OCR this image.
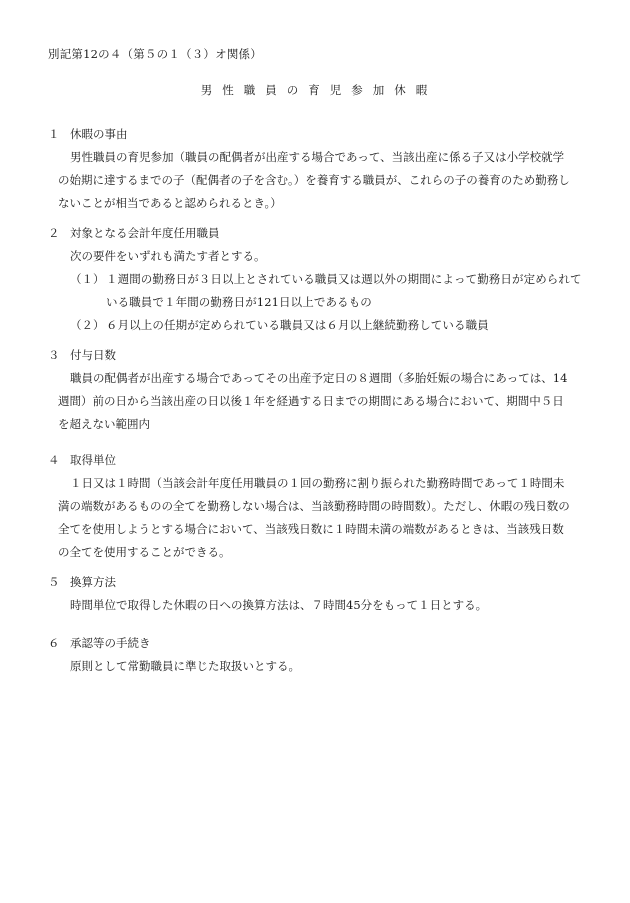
別記第12の４（第５の１（３）オ関係）
男性職員の育児参加休暇
１ 休暇の事由
男性職員の育児参加（職員の配偶者が出産する場合であって、当該出産に係る子又は小学校就学
の始期に達するまでの子（配偶者の子を含む。）を養育する職員が、これらの子の養育のため勤務し
ないことが相当であると認められるとき。）
２ 対象となる会計年度任用職員
次の要件をいずれも満たす者とする。
（１） １週間の勤務日が３日以上とされている職員又は週以外の期間によって勤務日が定められて
いる職員で１年間の勤務日が121日以上であるもの
（２） ６月以上の任期が定められている職員又は６月以上継続勤務している職員
３ 付与日数
職員の配偶者が出産する場合であってその出産予定日の８週間（多胎妊娠の場合にあっては、14
週間）前の日から当該出産の日以後１年を経過する日までの期間にある場合において、期間中５日
を超えない範囲内
４ 取得単位
１日又は１時間（当該会計年度任用職員の１回の勤務に割り振られた勤務時間であって１時間未
満の端数があるものの全てを勤務しない場合は、当該勤務時間の時間数）。ただし、休暇の残日数の
全てを使用しようとする場合において、当該残日数に１時間未満の端数があるときは、当該残日数
の全てを使用することができる。
５ 換算方法
時間単位で取得した休暇の日への換算方法は、７時間45分をもって１日とする。
６ 承認等の手続き
原則として常勤職員に準じた取扱いとする。
